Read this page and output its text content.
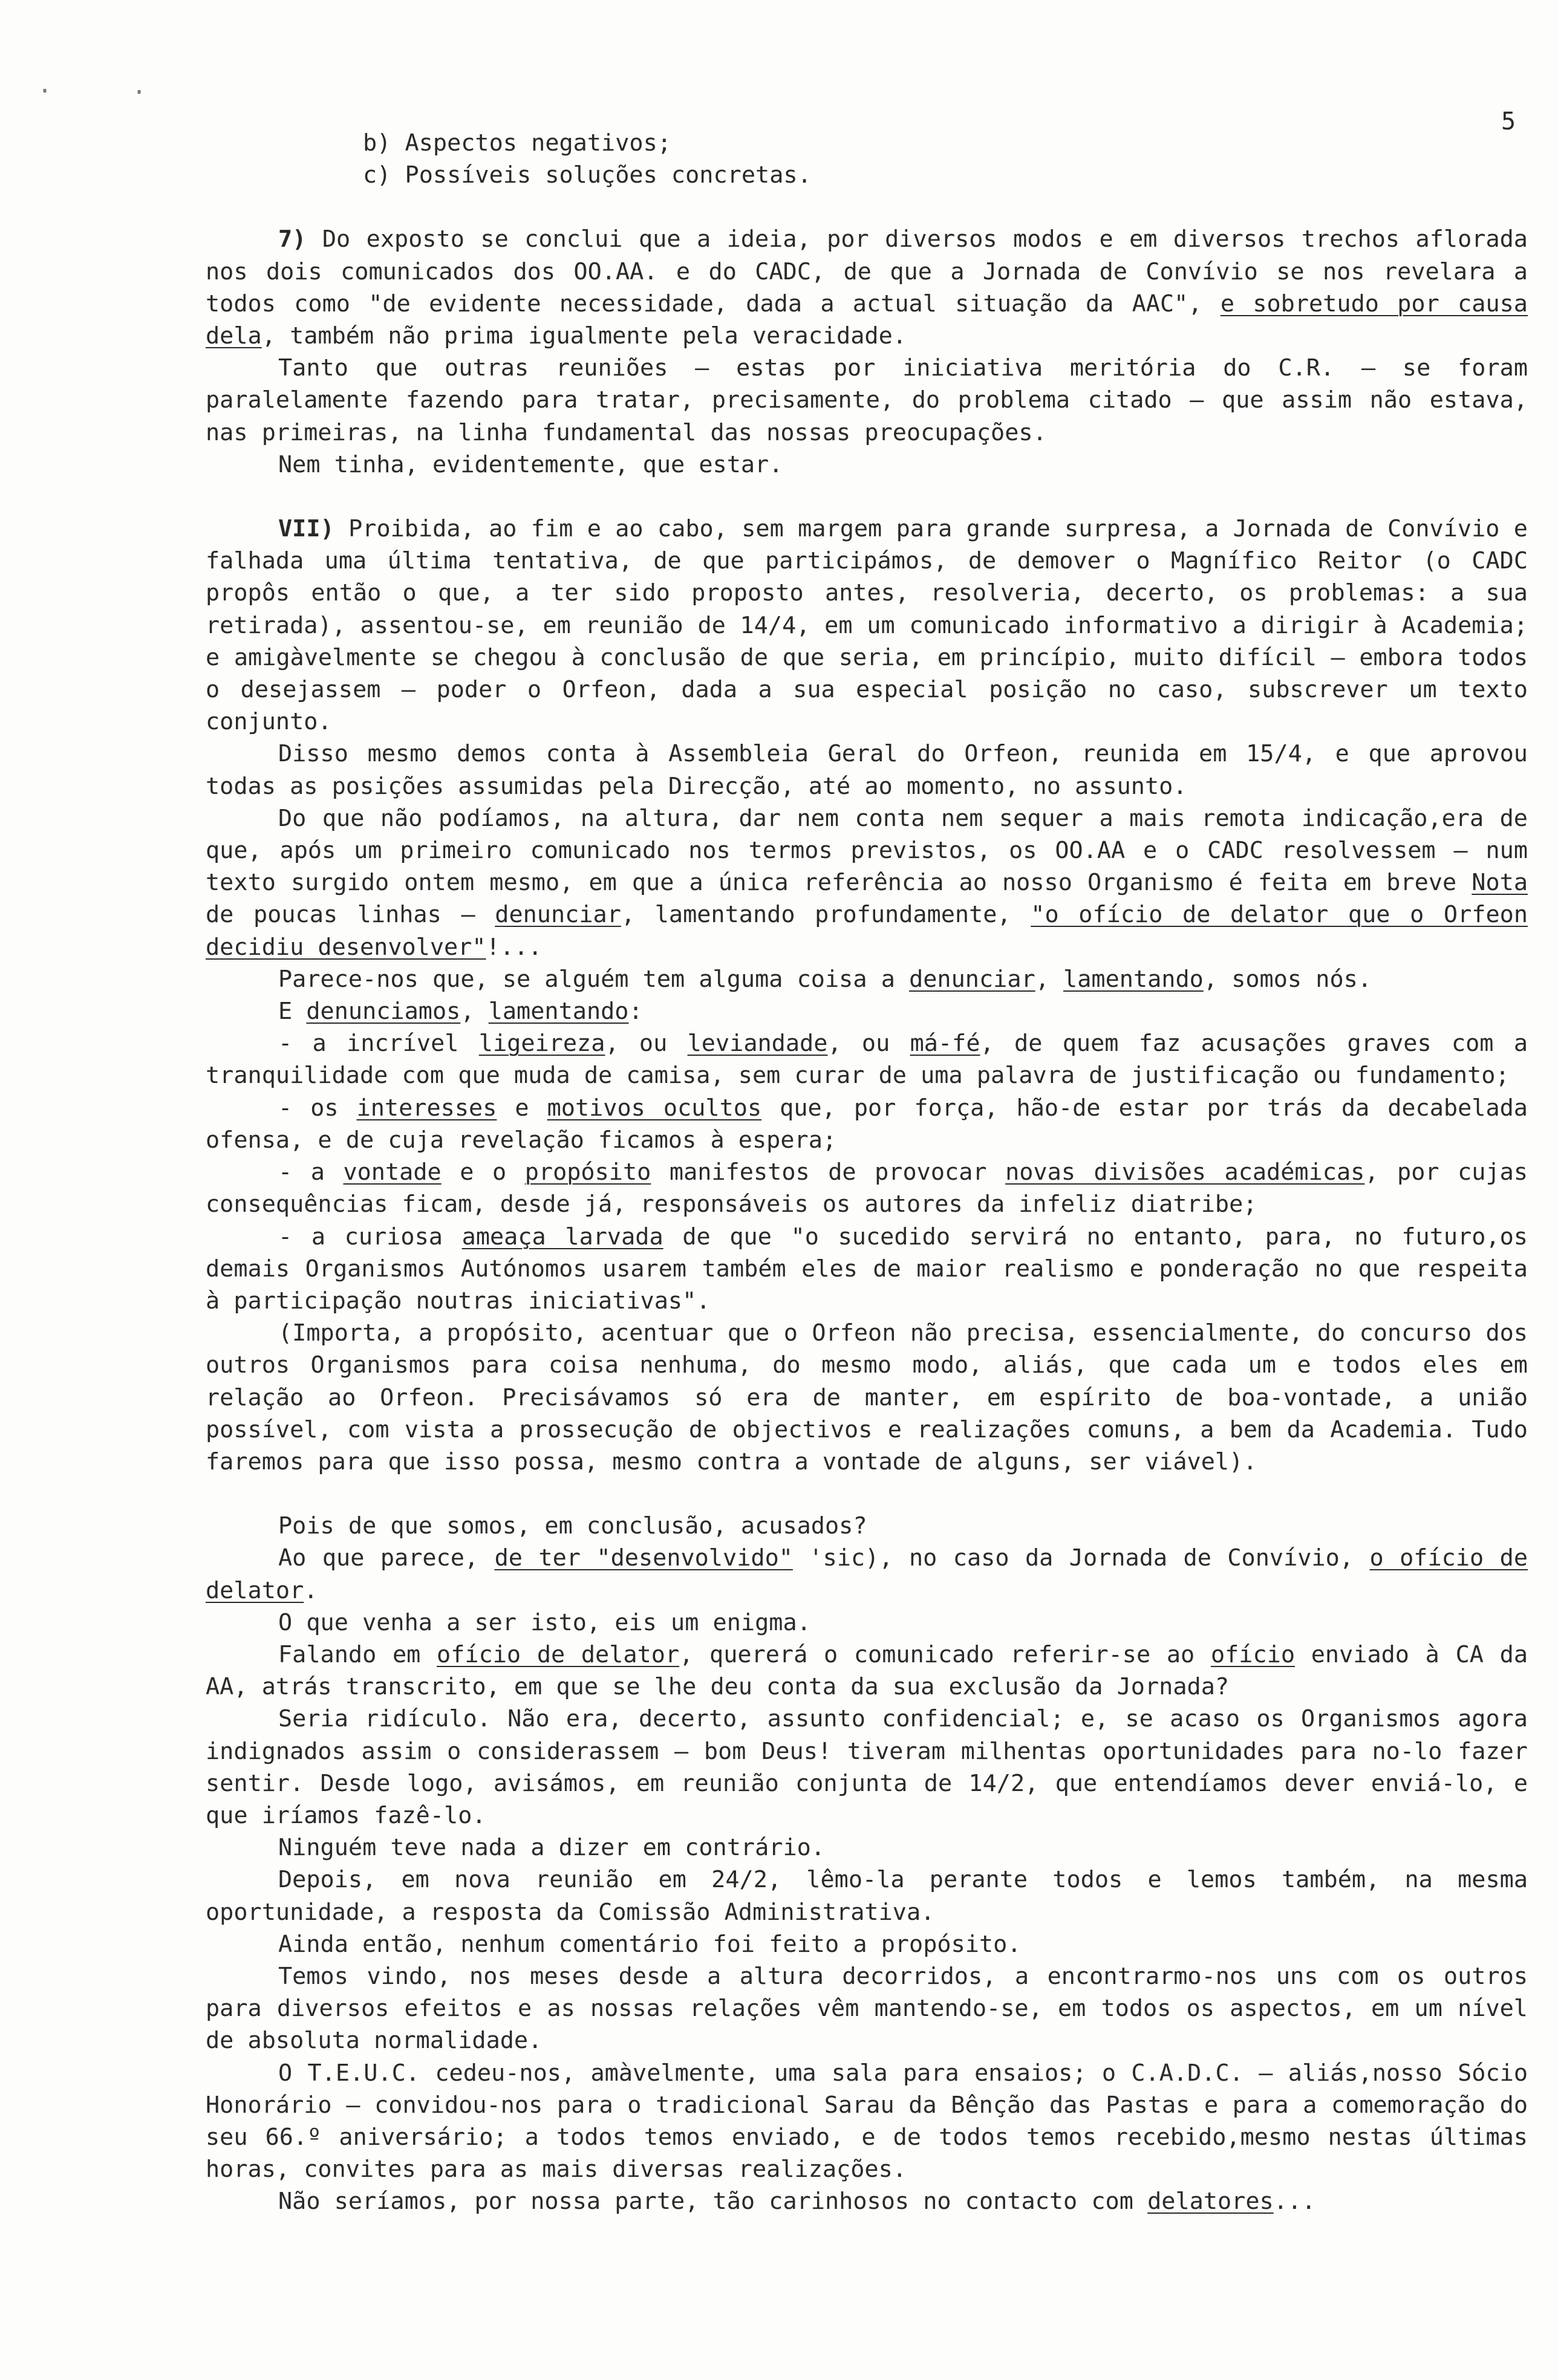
5
·	·

b) Aspectos negativos;

c) Possíveis soluções concretas.

7) Do exposto se conclui que a ideia, por diversos modos e em diversos trechos aflorada nos dois comunicados dos OO.AA. e do CADC, de que a Jornada de Convívio se nos revelara a todos como "de evidente necessidade, dada a actual situação da AAC", e sobretudo por causa dela, também não prima igualmente pela veracidade.

Tanto que outras reuniões — estas por iniciativa meritória do C.R. — se foram paralelamente fazendo para tratar, precisamente, do problema citado — que assim não estava, nas primeiras, na linha fundamental das nossas preocupações.

Nem tinha, evidentemente, que estar.

VII) Proibida, ao fim e ao cabo, sem margem para grande surpresa, a Jornada de Convívio e falhada uma última tentativa, de que participámos, de demover o Magnífico Reitor (o CADC propôs então o que, a ter sido proposto antes, resolveria, decerto, os problemas: a sua retirada), assentou-se, em reunião de 14/4, em um comunicado informativo a dirigir à Academia; e amigàvelmente se chegou à conclusão de que seria, em princípio, muito difícil — embora todos o desejassem — poder o Orfeon, dada a sua especial posição no caso, subscrever um texto conjunto.

Disso mesmo demos conta à Assembleia Geral do Orfeon, reunida em 15/4, e que aprovou todas as posições assumidas pela Direcção, até ao momento, no assunto.

Do que não podíamos, na altura, dar nem conta nem sequer a mais remota indicação,era de que, após um primeiro comunicado nos termos previstos, os OO.AA e o CADC resolvessem — num texto surgido ontem mesmo, em que a única referência ao nosso Organismo é feita em breve Nota de poucas linhas — denunciar, lamentando profundamente, "o ofício de delator que o Orfeon decidiu desenvolver"!...

Parece-nos que, se alguém tem alguma coisa a denunciar, lamentando, somos nós.

E denunciamos, lamentando:

- a incrível ligeireza, ou leviandade, ou má-fé, de quem faz acusações graves com a tranquilidade com que muda de camisa, sem curar de uma palavra de justificação ou fundamento;

- os interesses e motivos ocultos que, por força, hão-de estar por trás da decabelada ofensa, e de cuja revelação ficamos à espera;

- a vontade e o propósito manifestos de provocar novas divisões académicas, por cujas consequências ficam, desde já, responsáveis os autores da infeliz diatribe;

- a curiosa ameaça larvada de que "o sucedido servirá no entanto, para, no futuro,os demais Organismos Autónomos usarem também eles de maior realismo e ponderação no que respeita à participação noutras iniciativas".

(Importa, a propósito, acentuar que o Orfeon não precisa, essencialmente, do concurso dos outros Organismos para coisa nenhuma, do mesmo modo, aliás, que cada um e todos eles em relação ao Orfeon. Precisávamos só era de manter, em espírito de boa-vontade, a união possível, com vista a prossecução de objectivos e realizações comuns, a bem da Academia. Tudo faremos para que isso possa, mesmo contra a vontade de alguns, ser viável).

Pois de que somos, em conclusão, acusados?

Ao que parece, de ter "desenvolvido" 'sic), no caso da Jornada de Convívio, o ofício de delator.

O que venha a ser isto, eis um enigma.

Falando em ofício de delator, quererá o comunicado referir-se ao ofício enviado à CA da AA, atrás transcrito, em que se lhe deu conta da sua exclusão da Jornada?

Seria ridículo. Não era, decerto, assunto confidencial; e, se acaso os Organismos agora indignados assim o considerassem — bom Deus! tiveram milhentas oportunidades para no-lo fazer sentir. Desde logo, avisámos, em reunião conjunta de 14/2, que entendíamos dever enviá-lo, e que iríamos fazê-lo.

Ninguém teve nada a dizer em contrário.

Depois, em nova reunião em 24/2, lêmo-la perante todos e lemos também, na mesma oportunidade, a resposta da Comissão Administrativa.

Ainda então, nenhum comentário foi feito a propósito.

Temos vindo, nos meses desde a altura decorridos, a encontrarmo-nos uns com os outros para diversos efeitos e as nossas relações vêm mantendo-se, em todos os aspectos, em um nível de absoluta normalidade.

O T.E.U.C. cedeu-nos, amàvelmente, uma sala para ensaios; o C.A.D.C. — aliás,nosso Sócio Honorário — convidou-nos para o tradicional Sarau da Bênção das Pastas e para a comemoração do seu 66.º aniversário; a todos temos enviado, e de todos temos recebido,mesmo nestas últimas horas, convites para as mais diversas realizações.

Não seríamos, por nossa parte, tão carinhosos no contacto com delatores...
